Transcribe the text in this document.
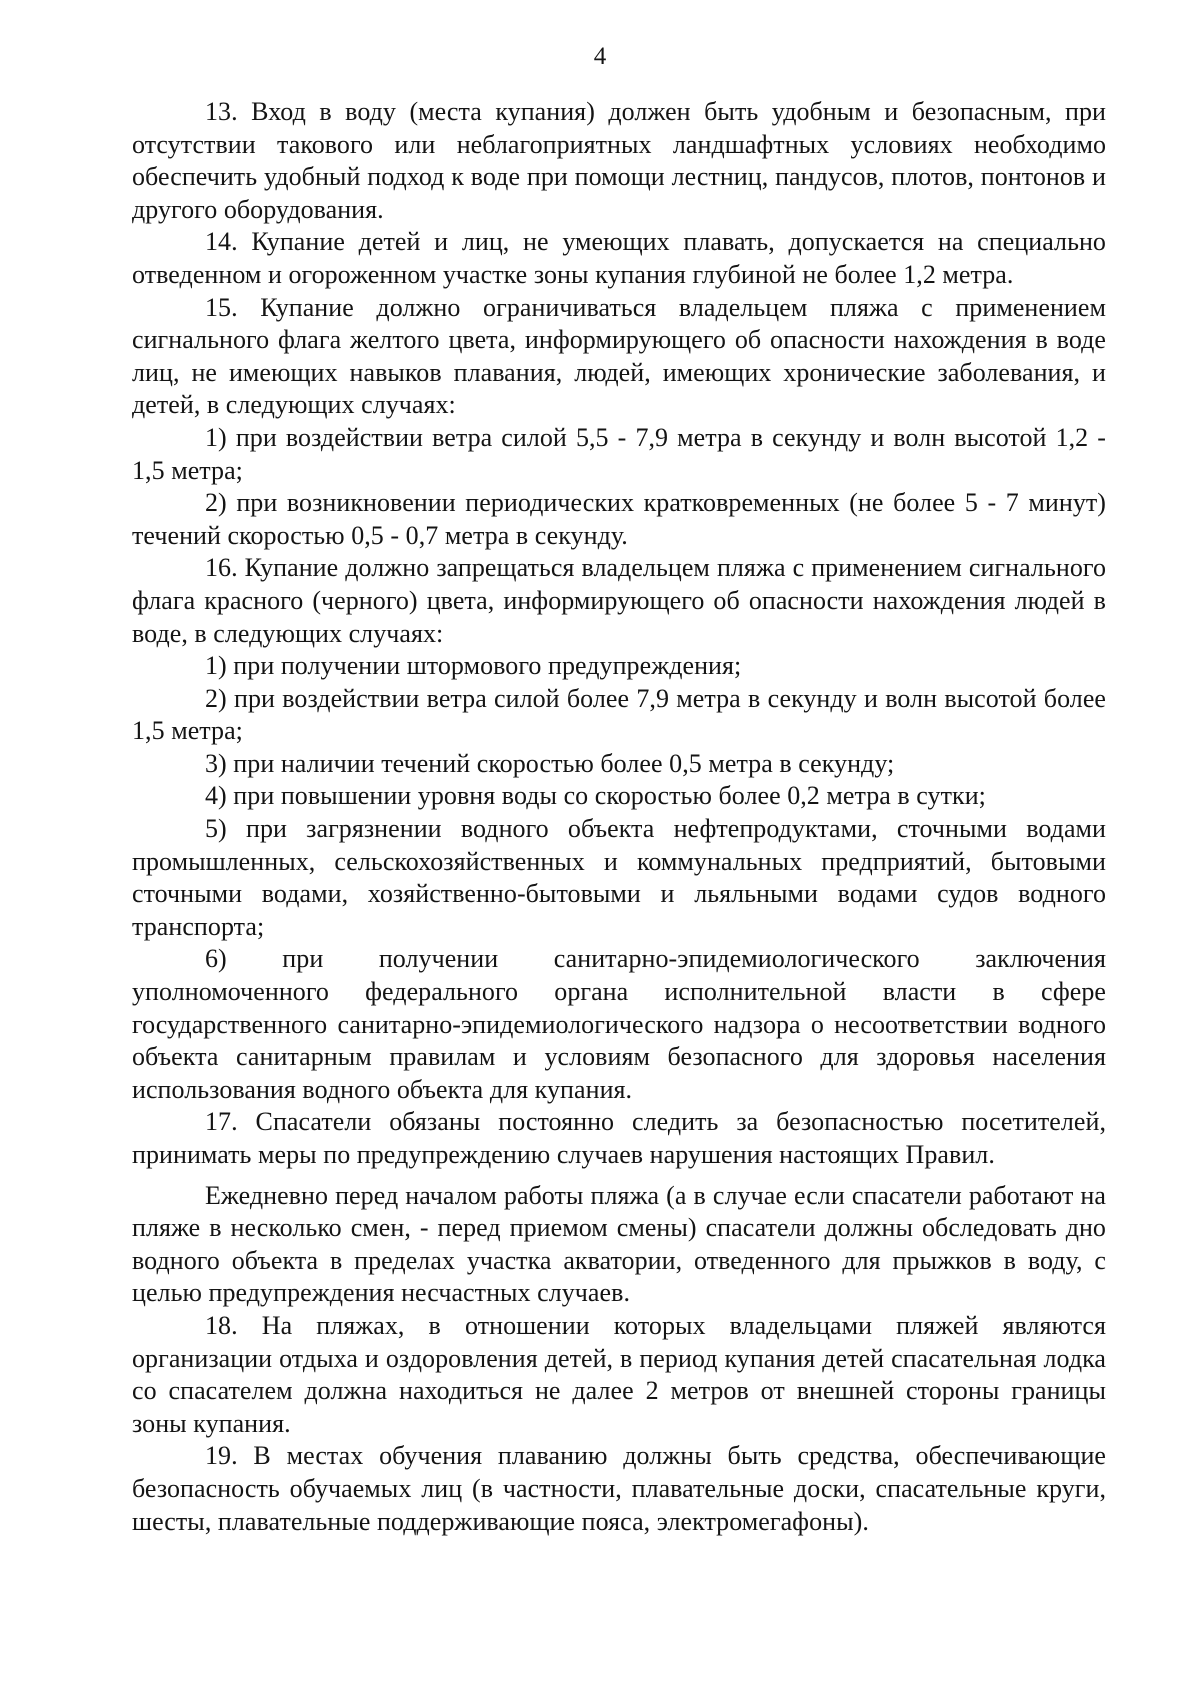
4

13. Вход в воду (места купания) должен быть удобным и безопасным, при отсутствии такового или неблагоприятных ландшафтных условиях необходимо обеспечить удобный подход к воде при помощи лестниц, пандусов, плотов, понтонов и другого оборудования.

14. Купание детей и лиц, не умеющих плавать, допускается на специально отведенном и огороженном участке зоны купания глубиной не более 1,2 метра.

15. Купание должно ограничиваться владельцем пляжа с применением сигнального флага желтого цвета, информирующего об опасности нахождения в воде лиц, не имеющих навыков плавания, людей, имеющих хронические заболевания, и детей, в следующих случаях:

1) при воздействии ветра силой 5,5 - 7,9 метра в секунду и волн высотой 1,2 - 1,5 метра;

2) при возникновении периодических кратковременных (не более 5 - 7 минут) течений скоростью 0,5 - 0,7 метра в секунду.

16. Купание должно запрещаться владельцем пляжа с применением сигнального флага красного (черного) цвета, информирующего об опасности нахождения людей в воде, в следующих случаях:

1) при получении штормового предупреждения;

2) при воздействии ветра силой более 7,9 метра в секунду и волн высотой более 1,5 метра;

3) при наличии течений скоростью более 0,5 метра в секунду;

4) при повышении уровня воды со скоростью более 0,2 метра в сутки;

5) при загрязнении водного объекта нефтепродуктами, сточными водами промышленных, сельскохозяйственных и коммунальных предприятий, бытовыми сточными водами, хозяйственно-бытовыми и льяльными водами судов водного транспорта;

6) при получении санитарно-эпидемиологического заключения уполномоченного федерального органа исполнительной власти в сфере государственного санитарно-эпидемиологического надзора о несоответствии водного объекта санитарным правилам и условиям безопасного для здоровья населения использования водного объекта для купания.

17. Спасатели обязаны постоянно следить за безопасностью посетителей, принимать меры по предупреждению случаев нарушения настоящих Правил.

Ежедневно перед началом работы пляжа (а в случае если спасатели работают на пляже в несколько смен, - перед приемом смены) спасатели должны обследовать дно водного объекта в пределах участка акватории, отведенного для прыжков в воду, с целью предупреждения несчастных случаев.

18. На пляжах, в отношении которых владельцами пляжей являются организации отдыха и оздоровления детей, в период купания детей спасательная лодка со спасателем должна находиться не далее 2 метров от внешней стороны границы зоны купания.

19. В местах обучения плаванию должны быть средства, обеспечивающие безопасность обучаемых лиц (в частности, плавательные доски, спасательные круги, шесты, плавательные поддерживающие пояса, электромегафоны).
